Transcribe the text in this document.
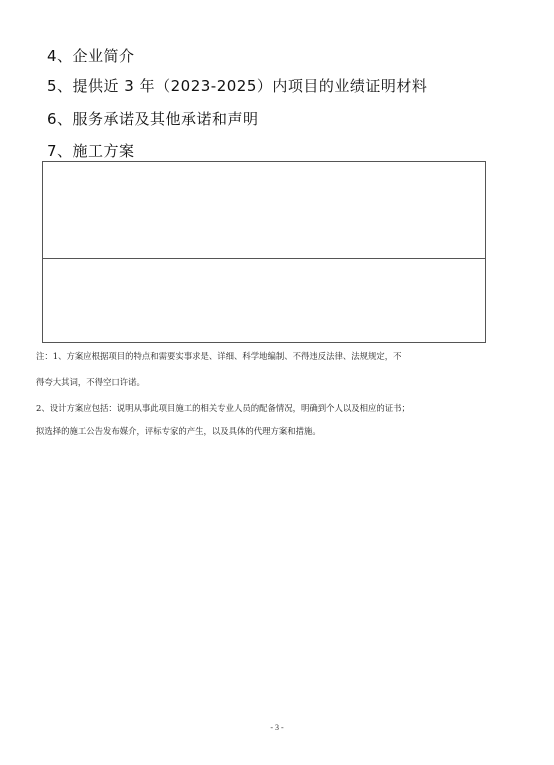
4、企业简介
5、提供近 3 年（2023-2025）内项目的业绩证明材料
6、服务承诺及其他承诺和声明
7、施工方案
注：1、方案应根据项目的特点和需要实事求是、详细、科学地编制、不得违反法律、法规规定，不
得夸大其词，不得空口许诺。
2、设计方案应包括：说明从事此项目施工的相关专业人员的配备情况，明确到个人以及相应的证书；
拟选择的施工公告发布媒介，评标专家的产生，以及具体的代理方案和措施。
- 3 -
